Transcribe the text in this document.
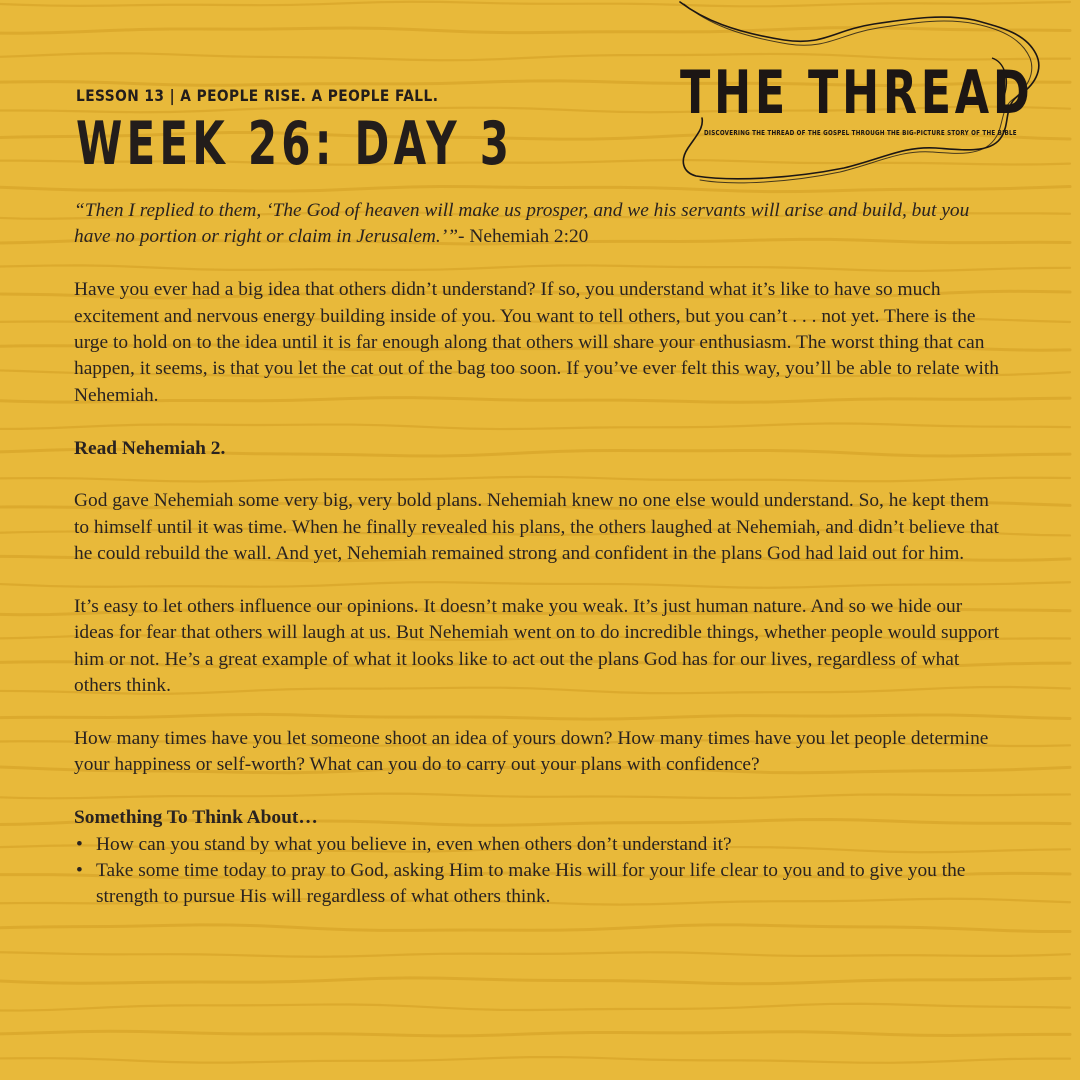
LESSON 13 | A PEOPLE RISE. A PEOPLE FALL.
WEEK 26: DAY 3
THE THREAD
DISCOVERING THE THREAD OF THE GOSPEL THROUGH THE BIG-PICTURE STORY OF THE BIBLE

“Then I replied to them, ‘The God of heaven will make us prosper, and we his servants will arise and build, but you have no portion or right or claim in Jerusalem.’”- Nehemiah 2:20

Have you ever had a big idea that others didn’t understand? If so, you understand what it’s like to have so much excitement and nervous energy building inside of you. You want to tell others, but you can’t . . . not yet. There is the urge to hold on to the idea until it is far enough along that others will share your enthusiasm. The worst thing that can happen, it seems, is that you let the cat out of the bag too soon. If you’ve ever felt this way, you’ll be able to relate with Nehemiah.

Read Nehemiah 2.

God gave Nehemiah some very big, very bold plans. Nehemiah knew no one else would understand. So, he kept them to himself until it was time. When he finally revealed his plans, the others laughed at Nehemiah, and didn’t believe that he could rebuild the wall. And yet, Nehemiah remained strong and confident in the plans God had laid out for him.

It’s easy to let others influence our opinions. It doesn’t make you weak. It’s just human nature. And so we hide our ideas for fear that others will laugh at us. But Nehemiah went on to do incredible things, whether people would support him or not. He’s a great example of what it looks like to act out the plans God has for our lives, regardless of what others think.

How many times have you let someone shoot an idea of yours down? How many times have you let people determine your happiness or self-worth? What can you do to carry out your plans with confidence?

Something To Think About…

• How can you stand by what you believe in, even when others don’t understand it?
• Take some time today to pray to God, asking Him to make His will for your life clear to you and to give you the strength to pursue His will regardless of what others think.
